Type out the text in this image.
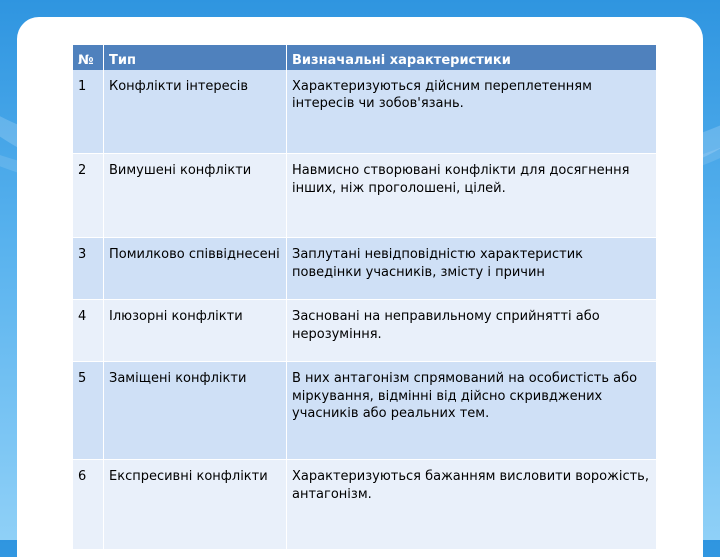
№	Тип	Визначальні характеристики
1	Конфлікти інтересів	Характеризуються дійсним переплетенням інтересів чи зобов'язань.
2	Вимушені конфлікти	Навмисно створювані конфлікти для досягнення інших, ніж проголошені, цілей.
3	Помилково співвіднесені	Заплутані невідповідністю характеристик поведінки учасників, змісту і причин
4	Ілюзорні конфлікти	Засновані на неправильному сприйнятті або нерозуміння.
5	Заміщені конфлікти	В них антагонізм спрямований на особистість або міркування, відмінні від дійсно скривджених учасників або реальних тем.
6	Експресивні конфлікти	Характеризуються бажанням висловити ворожість, антагонізм.
